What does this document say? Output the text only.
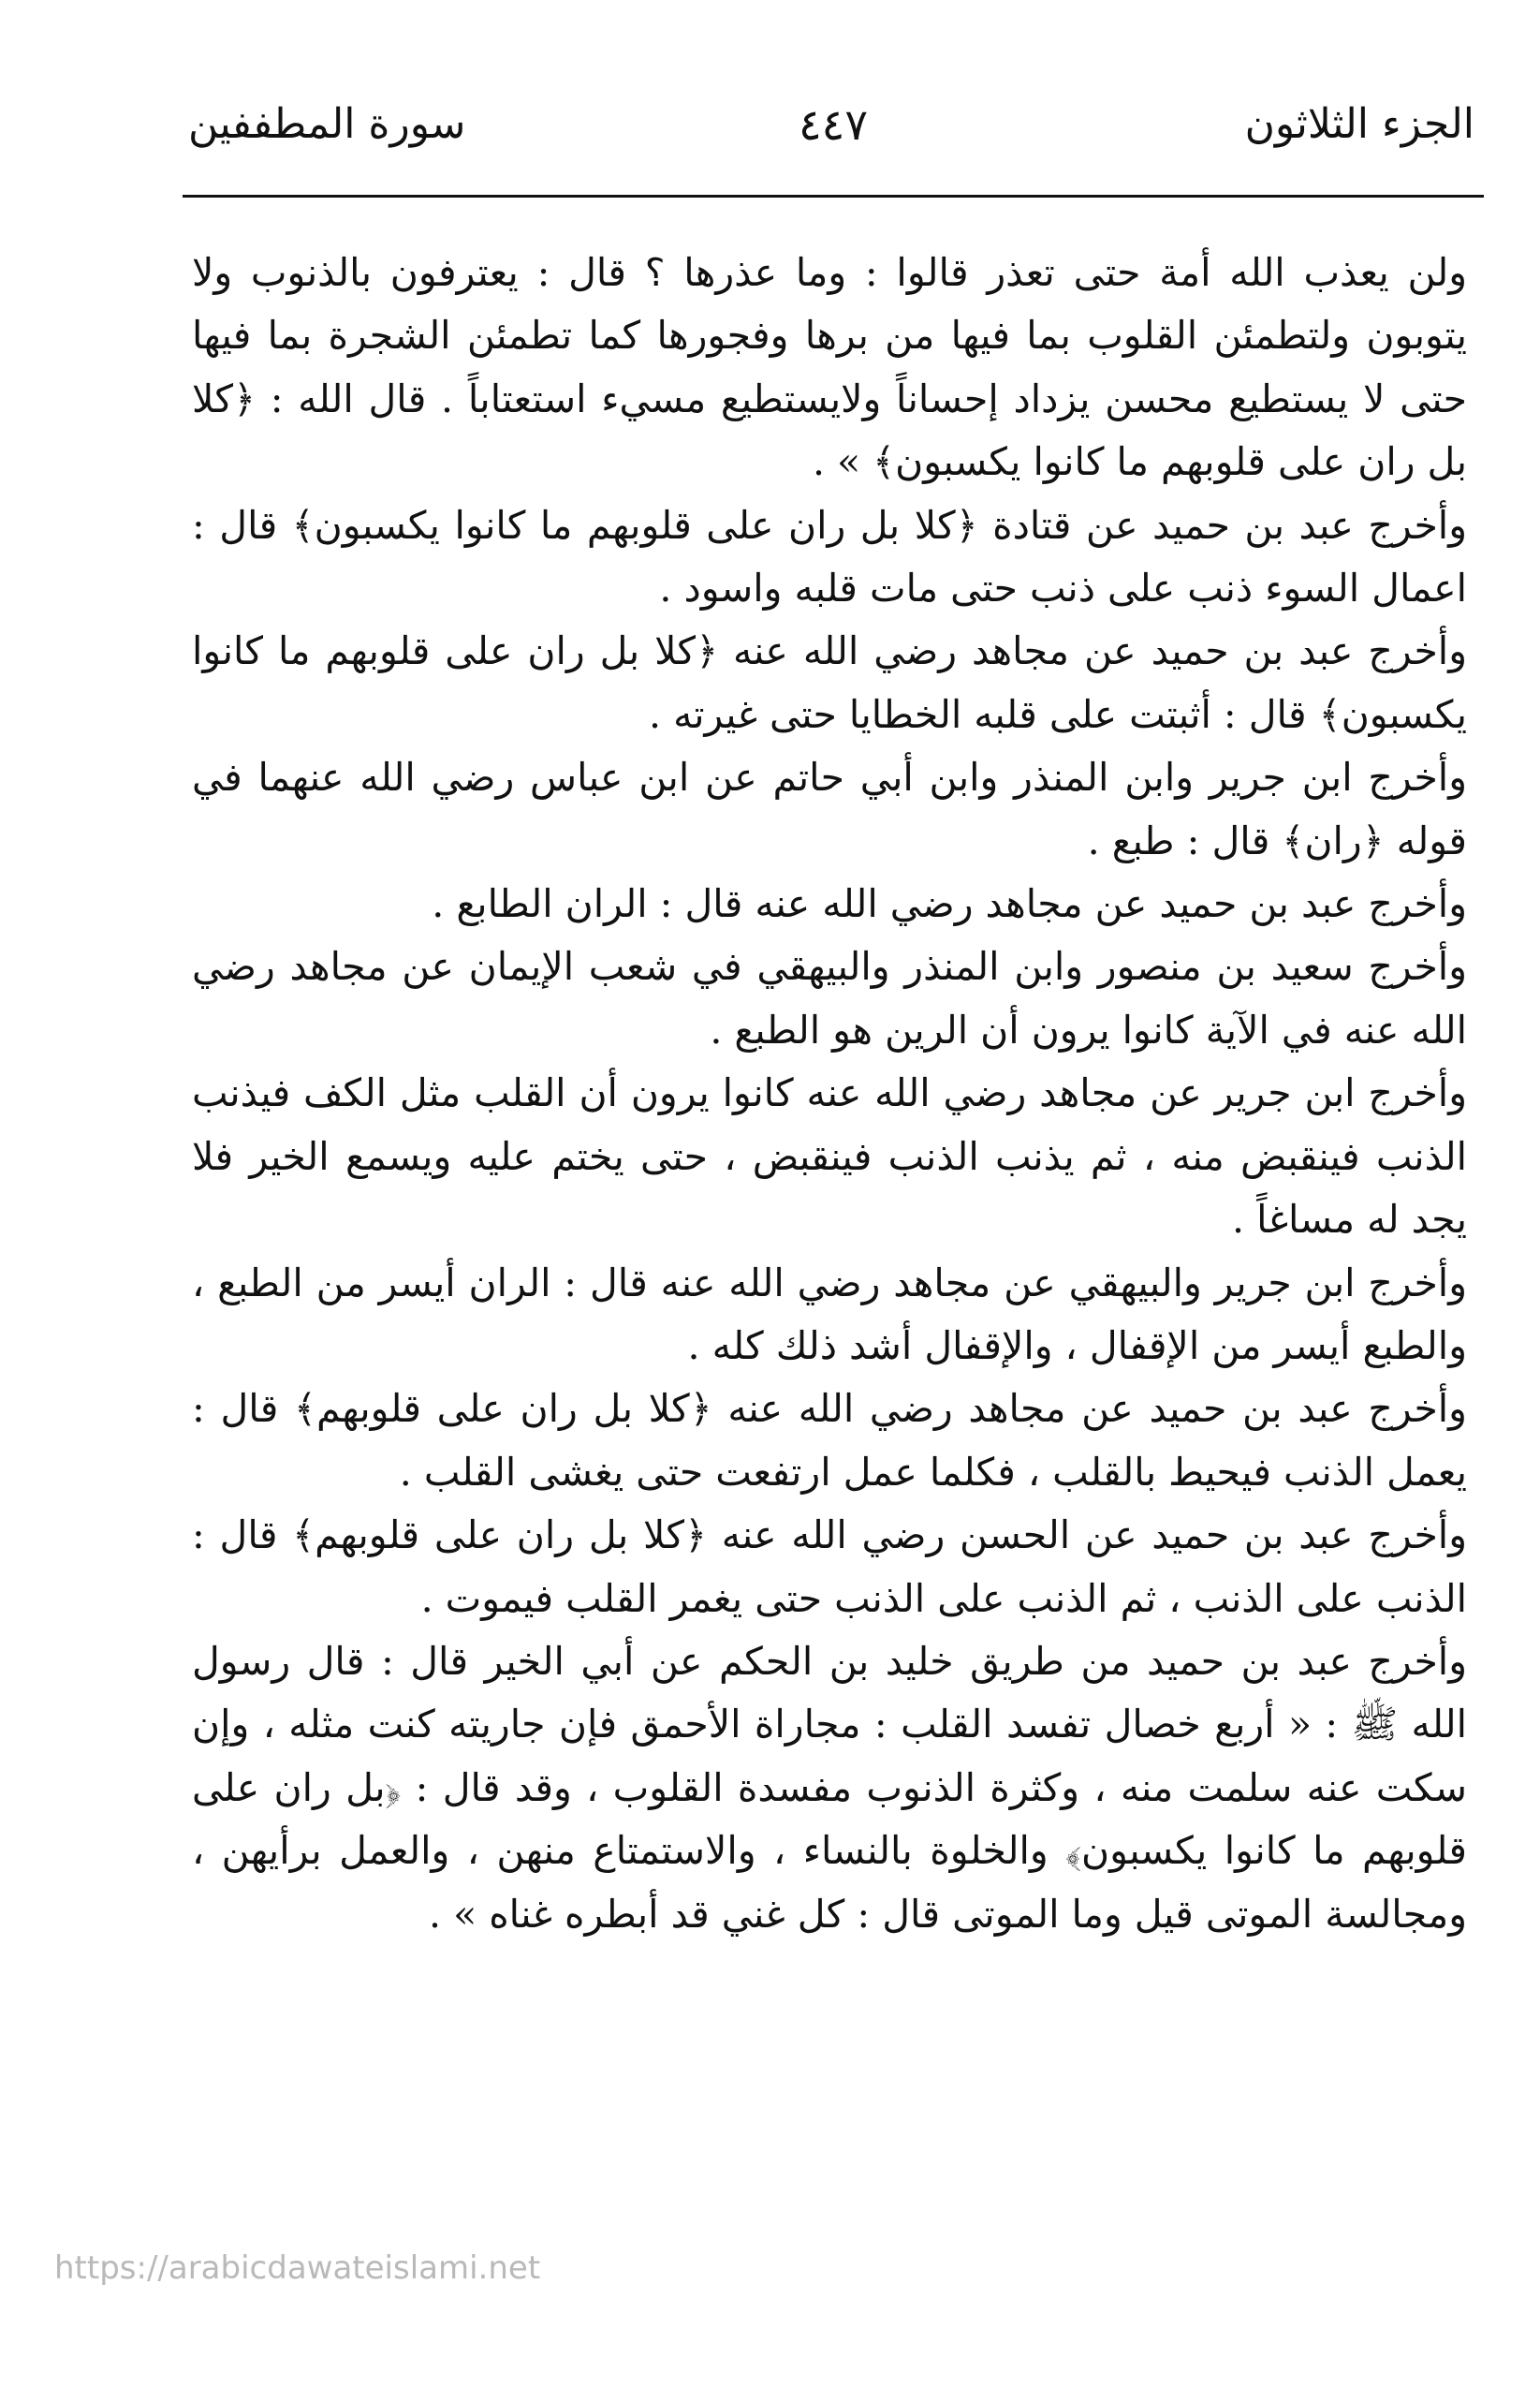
الجزء الثلاثون
٤٤٧
سورة المطففين

ولن يعذب الله أمة حتى تعذر قالوا : وما عذرها ؟ قال : يعترفون بالذنوب ولا يتوبون ولتطمئن القلوب بما فيها من برها وفجورها كما تطمئن الشجرة بما فيها حتى لا يستطيع محسن يزداد إحساناً ولايستطيع مسيء استعتاباً . قال الله : ﴿كلا بل ران على قلوبهم ما كانوا يكسبون﴾ » .

وأخرج عبد بن حميد عن قتادة ﴿كلا بل ران على قلوبهم ما كانوا يكسبون﴾ قال : اعمال السوء ذنب على ذنب حتى مات قلبه واسود .

وأخرج عبد بن حميد عن مجاهد رضي الله عنه ﴿كلا بل ران على قلوبهم ما كانوا يكسبون﴾ قال : أثبتت على قلبه الخطايا حتى غيرته .

وأخرج ابن جرير وابن المنذر وابن أبي حاتم عن ابن عباس رضي الله عنهما في قوله ﴿ران﴾ قال : طبع .

وأخرج عبد بن حميد عن مجاهد رضي الله عنه قال : الران الطابع .

وأخرج سعيد بن منصور وابن المنذر والبيهقي في شعب الإيمان عن مجاهد رضي الله عنه في الآية كانوا يرون أن الرين هو الطبع .

وأخرج ابن جرير عن مجاهد رضي الله عنه كانوا يرون أن القلب مثل الكف فيذنب الذنب فينقبض منه ، ثم يذنب الذنب فينقبض ، حتى يختم عليه ويسمع الخير فلا يجد له مساغاً .

وأخرج ابن جرير والبيهقي عن مجاهد رضي الله عنه قال : الران أيسر من الطبع ، والطبع أيسر من الإقفال ، والإقفال أشد ذلك كله .

وأخرج عبد بن حميد عن مجاهد رضي الله عنه ﴿كلا بل ران على قلوبهم﴾ قال : يعمل الذنب فيحيط بالقلب ، فكلما عمل ارتفعت حتى يغشى القلب .

وأخرج عبد بن حميد عن الحسن رضي الله عنه ﴿كلا بل ران على قلوبهم﴾ قال : الذنب على الذنب ، ثم الذنب على الذنب حتى يغمر القلب فيموت .

وأخرج عبد بن حميد من طريق خليد بن الحكم عن أبي الخير قال : قال رسول الله ﷺ : « أربع خصال تفسد القلب : مجاراة الأحمق فإن جاريته كنت مثله ، وإن سكت عنه سلمت منه ، وكثرة الذنوب مفسدة القلوب ، وقد قال : ﴿بل ران على قلوبهم ما كانوا يكسبون﴾ والخلوة بالنساء ، والاستمتاع منهن ، والعمل برأيهن ، ومجالسة الموتى قيل وما الموتى قال : كل غني قد أبطره غناه » .

https://arabicdawateislami.net
